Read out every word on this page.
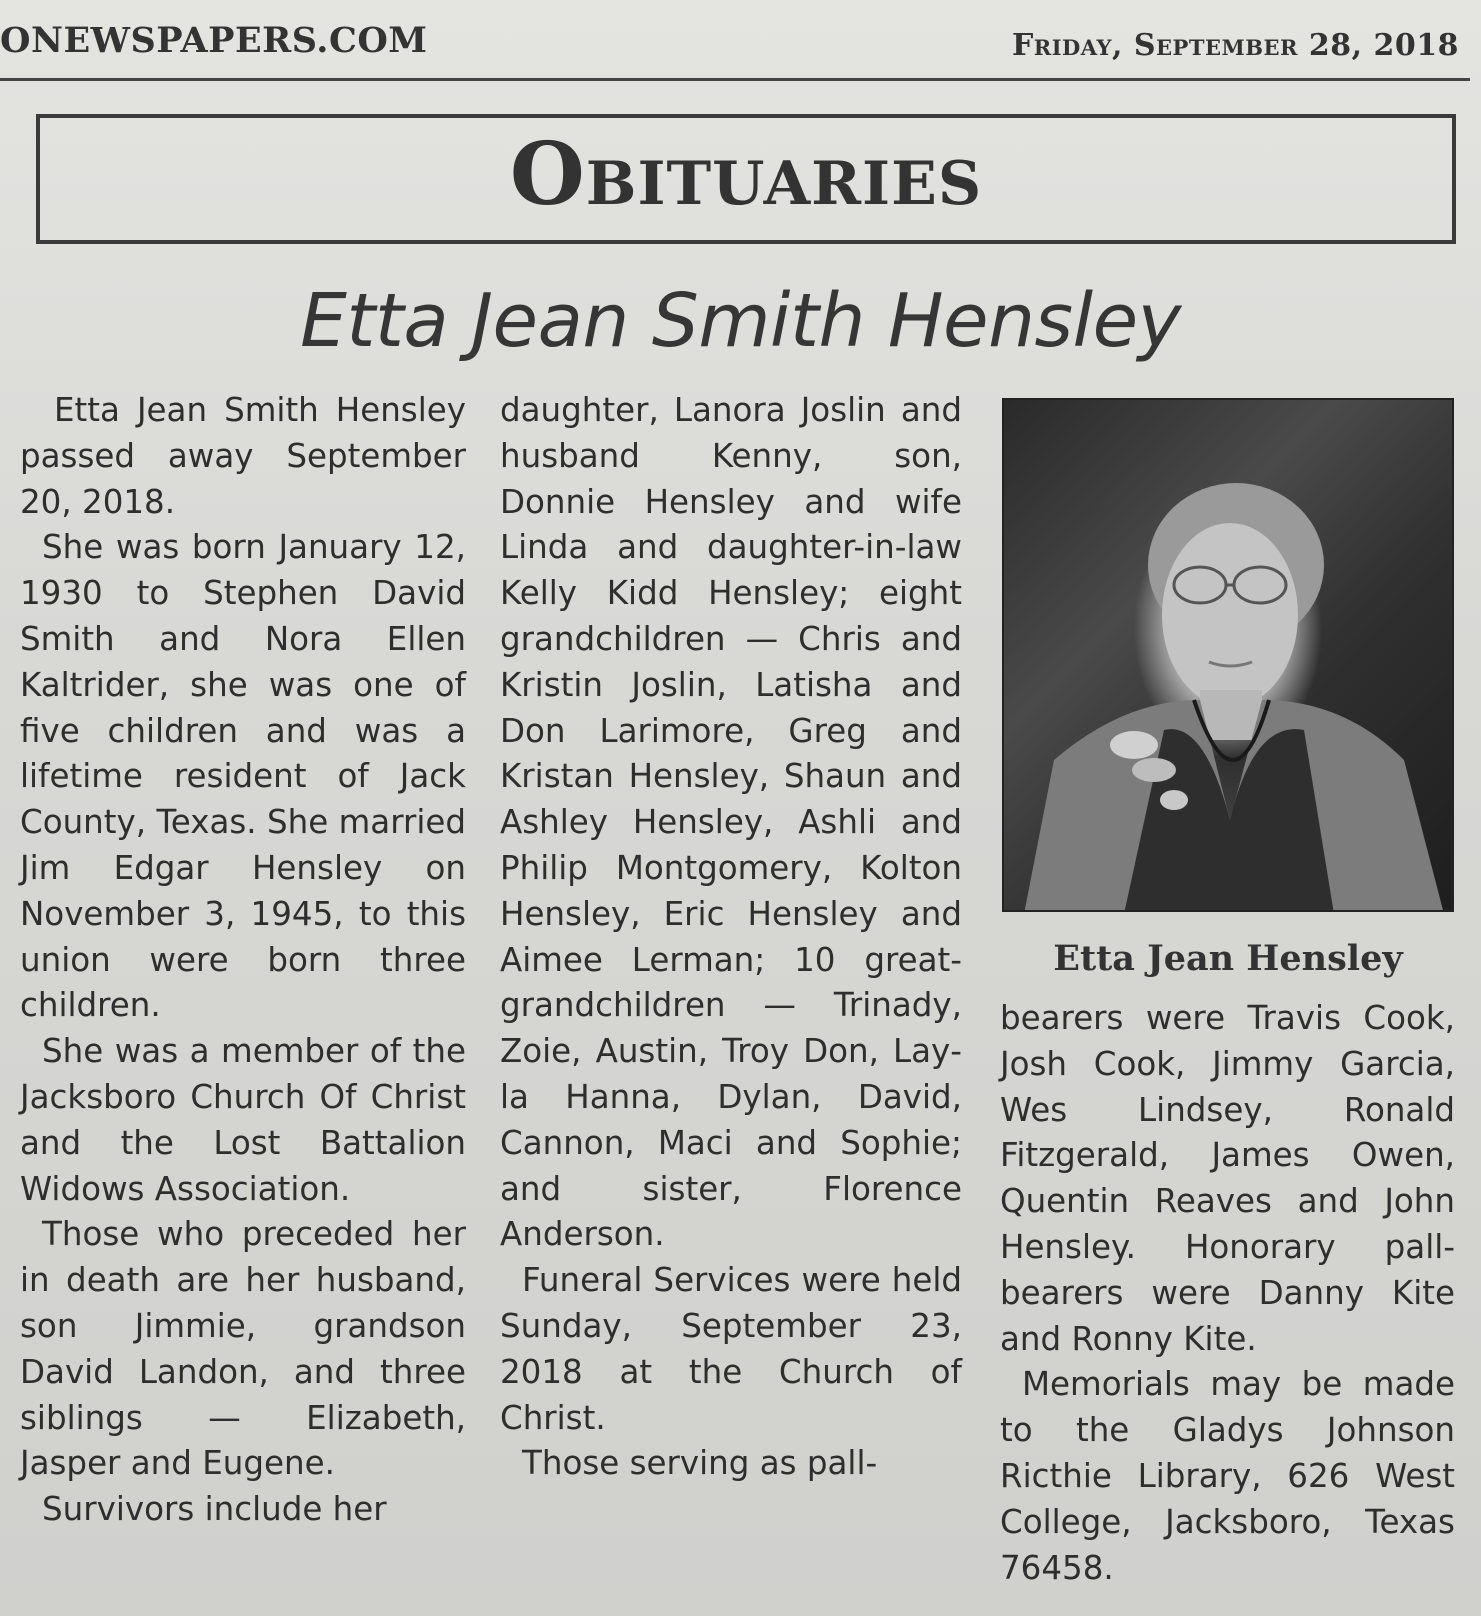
ONEWSPAPERS.COM	Friday, September 28, 2018
Obituaries
Etta Jean Smith Hensley

Etta Jean Smith Hensley passed away September 20, 2018.

She was born January 12, 1930 to Stephen David Smith and Nora Ellen Kaltrider, she was one of five children and was a lifetime resident of Jack County, Texas. She married Jim Edgar Hensley on November 3, 1945, to this union were born three children.

She was a member of the Jacksboro Church Of Christ and the Lost Battalion Widows Association.

Those who preceded her in death are her husband, son Jimmie, grandson David Landon, and three siblings — Elizabeth, Jasper and Eugene.

Survivors include her

daughter, Lanora Joslin and husband Kenny, son, Donnie Hensley and wife Linda and daughter-in-law Kelly Kidd Hensley; eight grandchildren — Chris and Kristin Joslin, Latisha and Don Larimore, Greg and Kristan Hensley, Shaun and Ashley Hensley, Ashli and Philip Montgomery, Kolton Hensley, Eric Hensley and Aimee Lerman; 10 great-grandchildren — Trinady, Zoie, Austin, Troy Don, Layla Hanna, Dylan, David, Cannon, Maci and Sophie; and sister, Florence Anderson.

Funeral Services were held Sunday, September 23, 2018 at the Church of Christ.

Those serving as pall-

Etta Jean Hensley

bearers were Travis Cook, Josh Cook, Jimmy Garcia, Wes Lindsey, Ronald Fitzgerald, James Owen, Quentin Reaves and John Hensley. Honorary pallbearers were Danny Kite and Ronny Kite.

Memorials may be made to the Gladys Johnson Ricthie Library, 626 West College, Jacksboro, Texas 76458.
